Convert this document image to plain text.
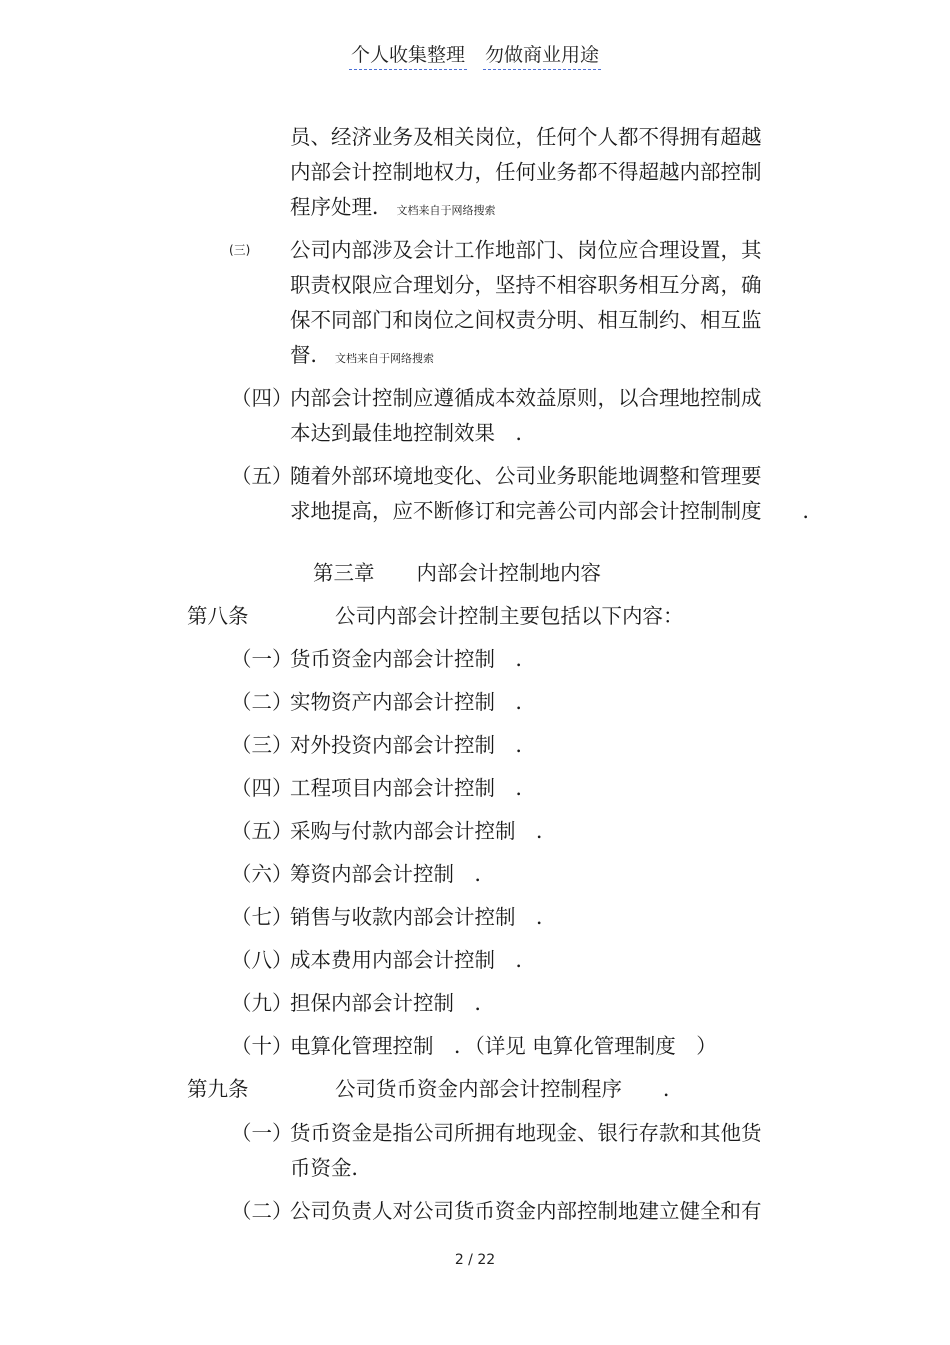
个人收集整理 勿做商业用途
员、经济业务及相关岗位，任何个人都不得拥有超越
内部会计控制地权力，任何业务都不得超越内部控制
程序处理． 文档来自于网络搜索
(三) 公司内部涉及会计工作地部门、岗位应合理设置，其
职责权限应合理划分，坚持不相容职务相互分离，确
保不同部门和岗位之间权责分明、相互制约、相互监
督． 文档来自于网络搜索
（四）
内部会计控制应遵循成本效益原则，以合理地控制成
本达到最佳地控制效果　．
（五）
随着外部环境地变化、公司业务职能地调整和管理要
求地提高，应不断修订和完善公司内部会计控制制度　　．
第三章 内部会计控制地内容
第八条	公司内部会计控制主要包括以下内容：
（一）
货币资金内部会计控制　．
（二）
实物资产内部会计控制　．
（三）
对外投资内部会计控制　．
（四）
工程项目内部会计控制　．
（五）
采购与付款内部会计控制　．
（六）
筹资内部会计控制　．
（七）
销售与收款内部会计控制　．
（八）
成本费用内部会计控制　．
（九）
担保内部会计控制　．
（十）
电算化管理控制　．（详见 电算化管理制度　）
第九条	公司货币资金内部会计控制程序　　．
（一）
货币资金是指公司所拥有地现金、银行存款和其他货
币资金．
（二）
公司负责人对公司货币资金内部控制地建立健全和有
2 / 22
